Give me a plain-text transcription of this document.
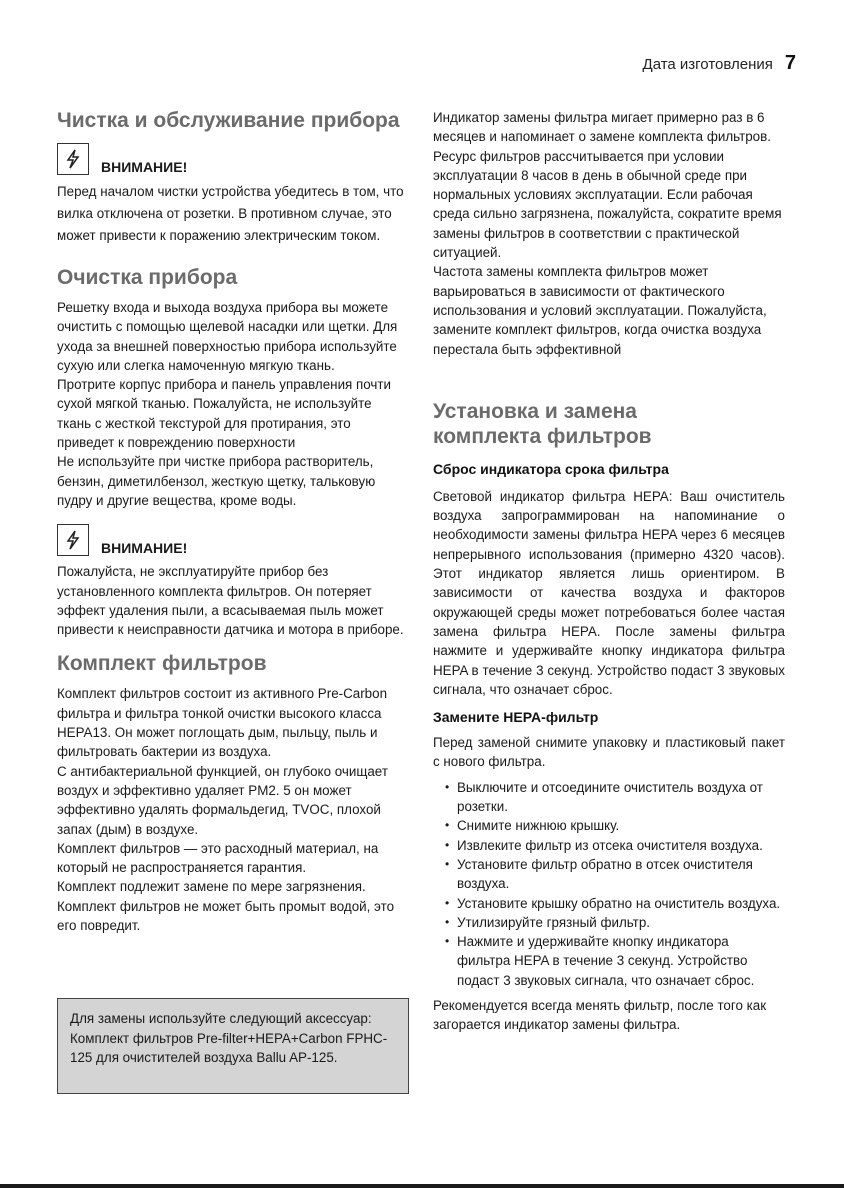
Дата изготовления 7
Чистка и обслуживание прибора
ВНИМАНИЕ!

Перед началом чистки устройства убедитесь в том, что вилка отключена от розетки. В противном случае, это может привести к поражению электрическим током.

Очистка прибора

Решетку входа и выхода воздуха прибора вы можете очистить с помощью щелевой насадки или щетки. Для ухода за внешней поверхностью прибора используйте сухую или слегка намоченную мягкую ткань.

Протрите корпус прибора и панель управления почти сухой мягкой тканью. Пожалуйста, не используйте ткань с жесткой текстурой для протирания, это приведет к повреждению поверхности

Не используйте при чистке прибора растворитель, бензин, диметилбензол, жесткую щетку, тальковую пудру и другие вещества, кроме воды.

ВНИМАНИЕ!

Пожалуйста, не эксплуатируйте прибор без установленного комплекта фильтров. Он потеряет эффект удаления пыли, а всасываемая пыль может привести к неисправности датчика и мотора в приборе.

Комплект фильтров

Комплект фильтров состоит из активного Pre-Carbon фильтра и фильтра тонкой очистки высокого класса HEPA13. Он может поглощать дым, пыльцу, пыль и фильтровать бактерии из воздуха.

С антибактериальной функцией, он глубоко очищает воздух и эффективно удаляет PM2. 5 он может эффективно удалять формальдегид, TVOC, плохой запах (дым) в воздухе.

Комплект фильтров — это расходный материал, на который не распространяется гарантия.

Комплект подлежит замене по мере загрязнения.

Комплект фильтров не может быть промыт водой, это его повредит.

Для замены используйте следующий аксессуар: Комплект фильтров Pre-filter+HEPA+Carbon FPHC-125 для очистителей воздуха Ballu AP-125.

Индикатор замены фильтра мигает примерно раз в 6 месяцев и напоминает о замене комплекта фильтров. Ресурс фильтров рассчитывается при условии эксплуатации 8 часов в день в обычной среде при нормальных условиях эксплуатации. Если рабочая среда сильно загрязнена, пожалуйста, сократите время замены фильтров в соответствии с практической ситуацией.

Частота замены комплекта фильтров может варьироваться в зависимости от фактического использования и условий эксплуатации. Пожалуйста, замените комплект фильтров, когда очистка воздуха перестала быть эффективной

Установка и замена
комплекта фильтров
Сброс индикатора срока фильтра

Световой индикатор фильтра HEPA: Ваш очиститель воздуха запрограммирован на напоминание о необходимости замены фильтра HEPA через 6 месяцев непрерывного использования (примерно 4320 часов). Этот индикатор является лишь ориентиром. В зависимости от качества воздуха и факторов окружающей среды может потребоваться более частая замена фильтра HEPA. После замены фильтра нажмите и удерживайте кнопку индикатора фильтра HEPA в течение 3 секунд. Устройство подаст 3 звуковых сигнала, что означает сброс.

Замените HEPA-фильтр

Перед заменой снимите упаковку и пластиковый пакет с нового фильтра.

• Выключите и отсоедините очиститель воздуха от розетки.
• Снимите нижнюю крышку.
• Извлеките фильтр из отсека очистителя воздуха.
• Установите фильтр обратно в отсек очистителя воздуха.
• Установите крышку обратно на очиститель воздуха.
• Утилизируйте грязный фильтр.
• Нажмите и удерживайте кнопку индикатора фильтра HEPA в течение 3 секунд. Устройство подаст 3 звуковых сигнала, что означает сброс.

Рекомендуется всегда менять фильтр, после того как загорается индикатор замены фильтра.
